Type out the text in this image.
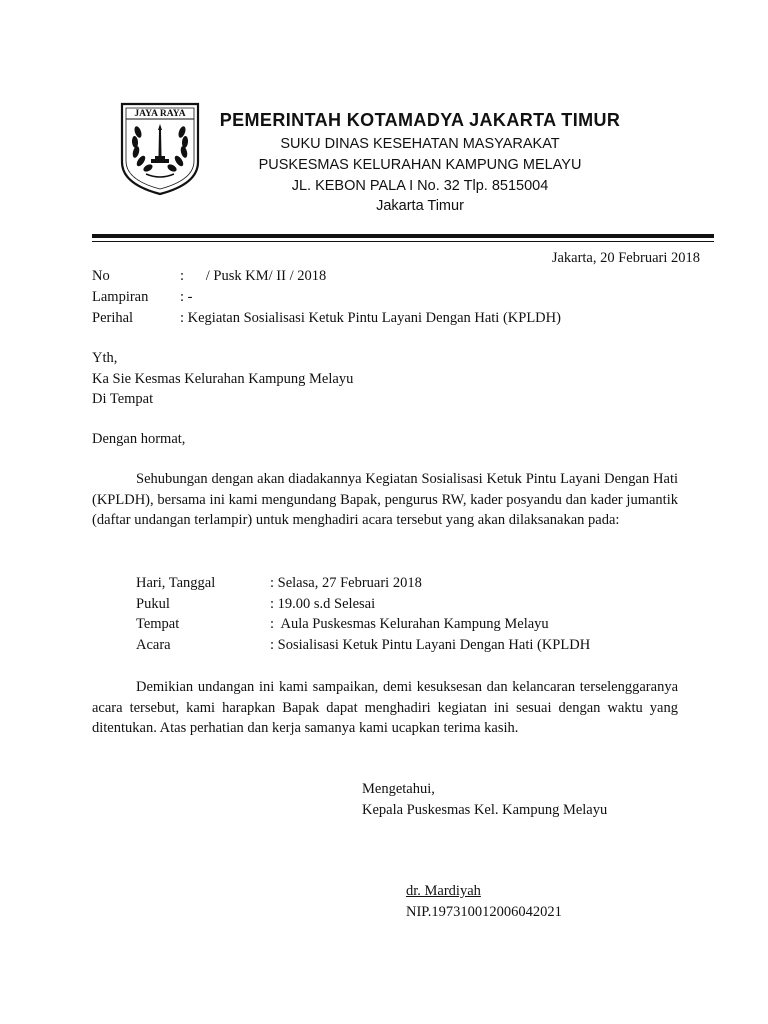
JAYA RAYA	PEMERINTAH KOTAMADYA JAKARTA TIMUR
SUKU DINAS KESEHATAN MASYARAKAT
PUSKESMAS KELURAHAN KAMPUNG MELAYU
JL. KEBON PALA I No. 32 Tlp. 8515004
Jakarta Timur
Jakarta, 20 Februari 2018
No	:      / Pusk KM/ II / 2018
Lampiran : -
Perihal	: Kegiatan Sosialisasi Ketuk Pintu Layani Dengan Hati (KPLDH)
Yth,
Ka Sie Kesmas Kelurahan Kampung Melayu
Di Tempat
Dengan hormat,
Sehubungan dengan akan diadakannya Kegiatan Sosialisasi Ketuk Pintu Layani Dengan Hati (KPLDH), bersama ini kami mengundang Bapak, pengurus RW, kader posyandu dan kader jumantik (daftar undangan terlampir) untuk menghadiri acara tersebut yang akan dilaksanakan pada:
Hari, Tanggal	: Selasa, 27 Februari 2018
Pukul	: 19.00 s.d Selesai
Tempat	:  Aula Puskesmas Kelurahan Kampung Melayu
Acara	: Sosialisasi Ketuk Pintu Layani Dengan Hati (KPLDH
Demikian undangan ini kami sampaikan, demi kesuksesan dan kelancaran terselenggaranya acara tersebut, kami harapkan Bapak dapat menghadiri kegiatan ini sesuai dengan waktu yang ditentukan. Atas perhatian dan kerja samanya kami ucapkan terima kasih.
Mengetahui,
Kepala Puskesmas Kel. Kampung Melayu
dr. Mardiyah
NIP.197310012006042021
